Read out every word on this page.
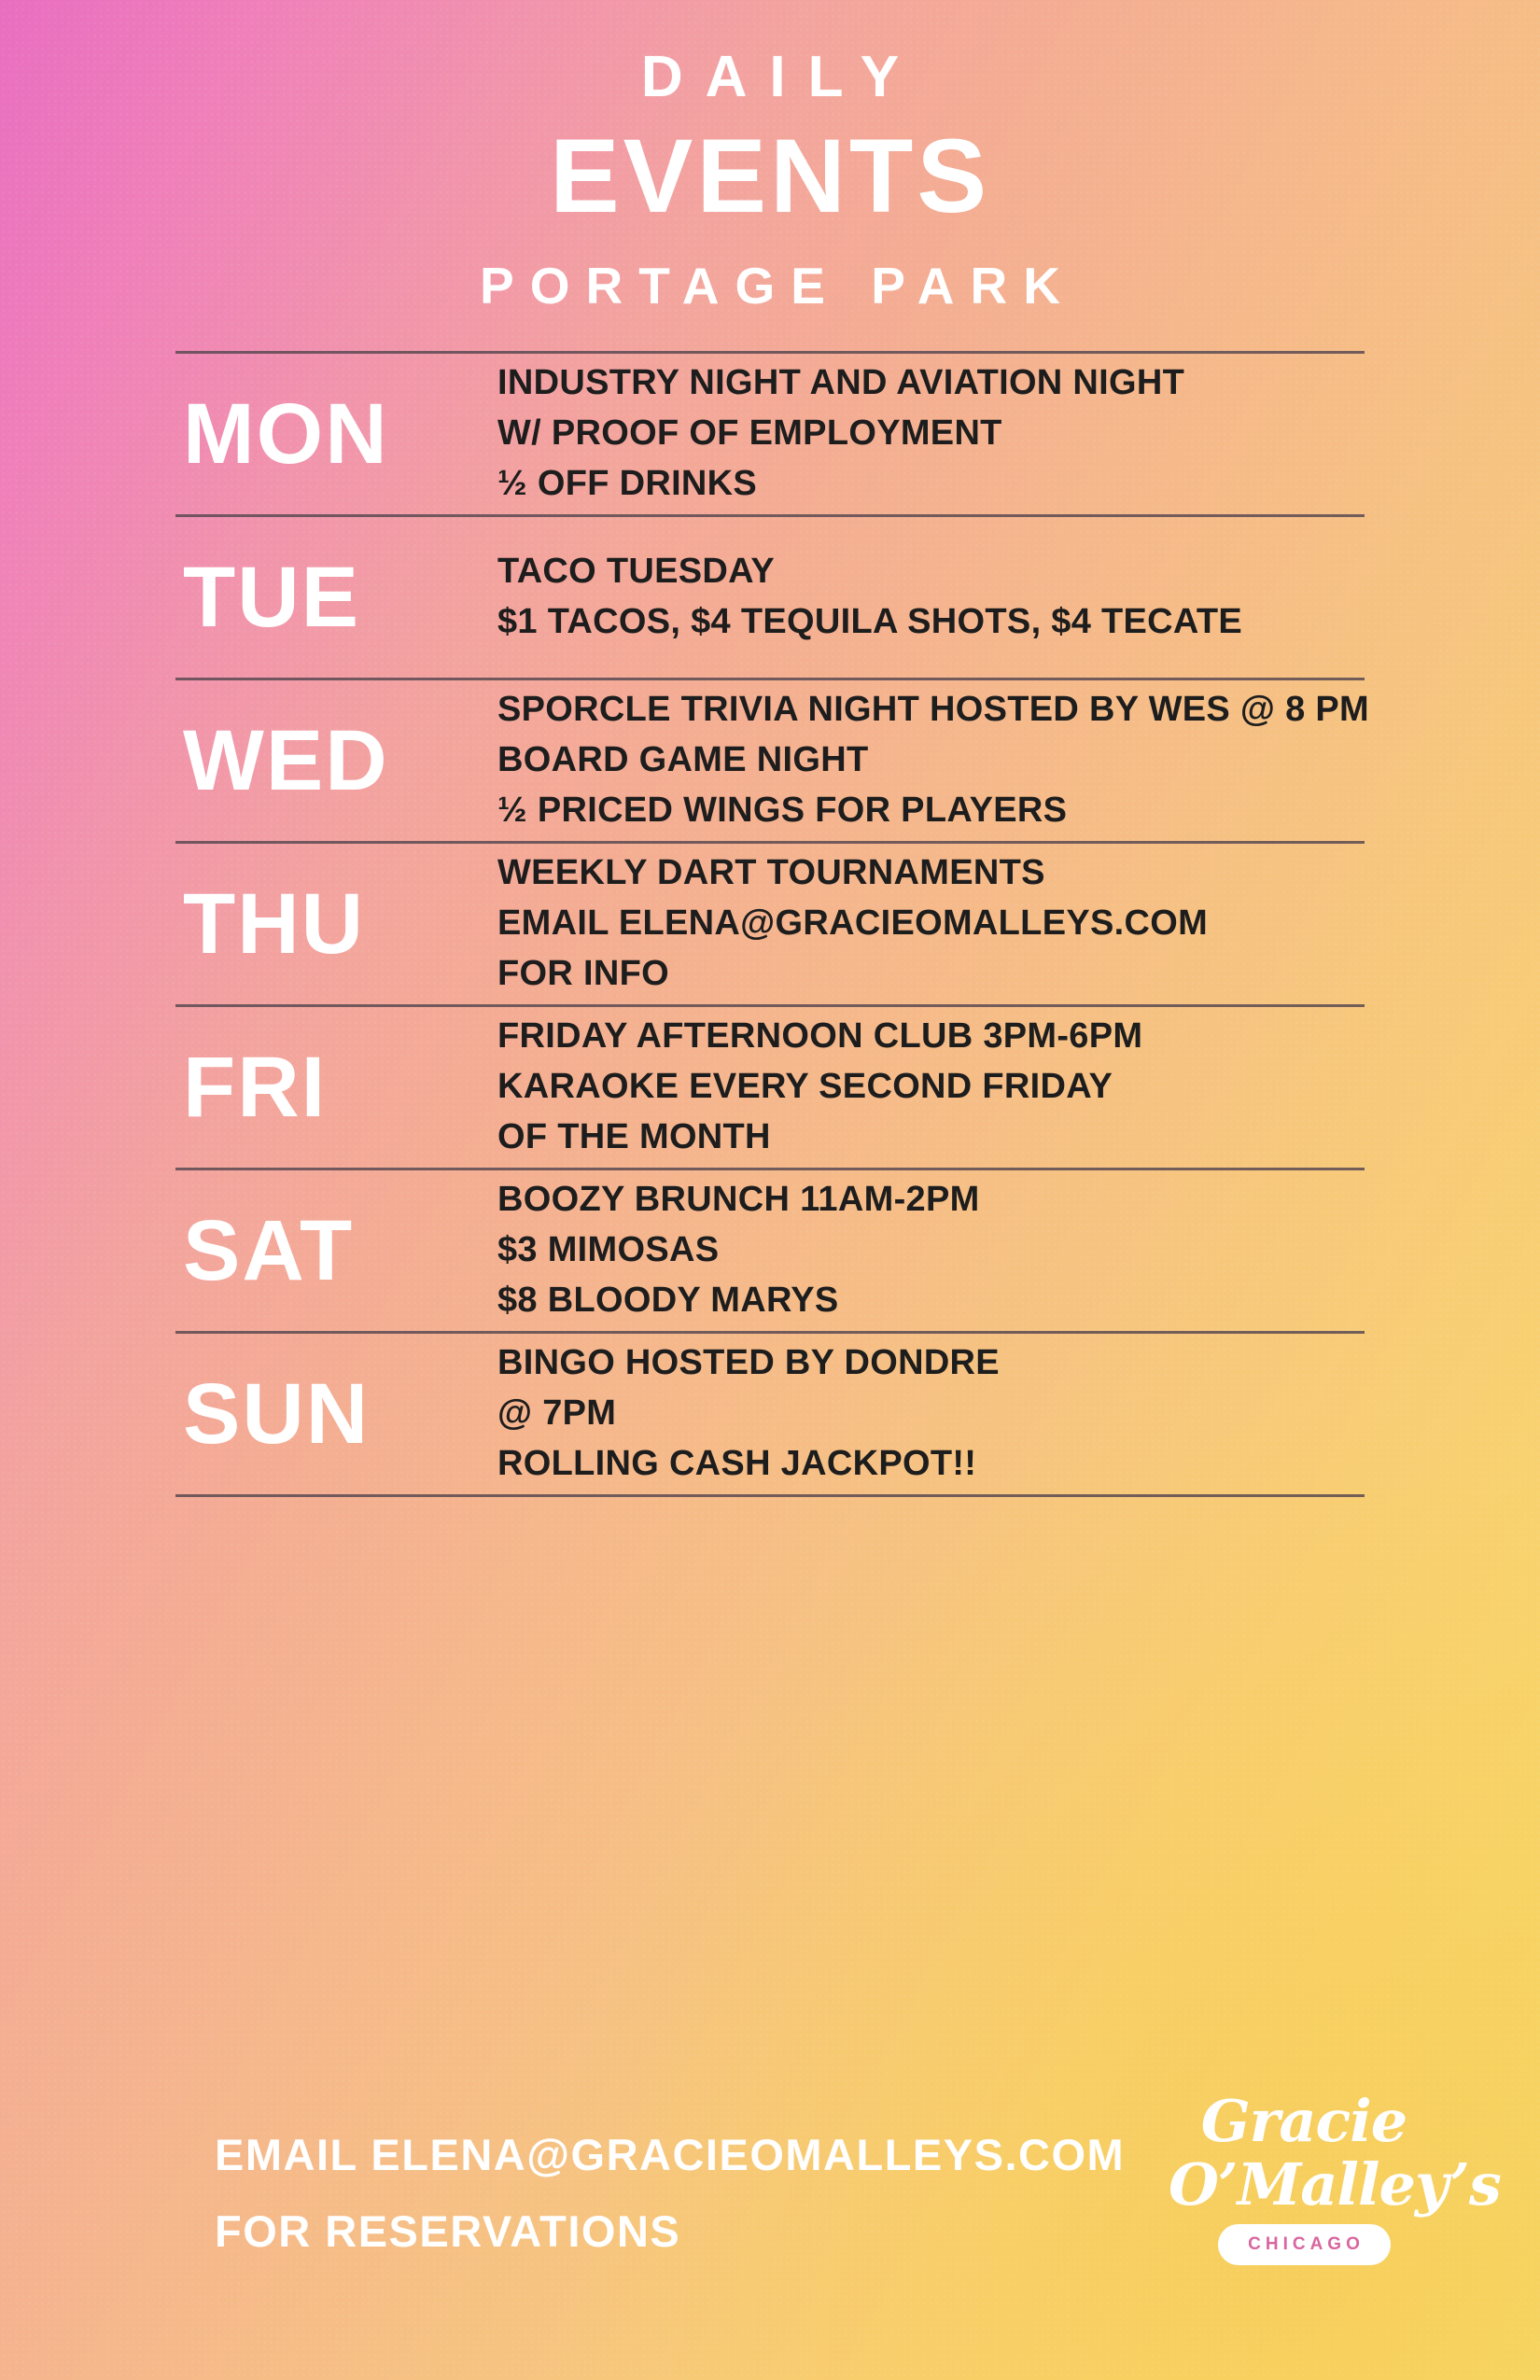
DAILY
EVENTS
PORTAGE PARK
MON
INDUSTRY NIGHT AND AVIATION NIGHT
W/ PROOF OF EMPLOYMENT
½ OFF DRINKS
TUE	TACO TUESDAY
$1 TACOS, $4 TEQUILA SHOTS, $4 TECATE
WED
SPORCLE TRIVIA NIGHT HOSTED BY WES @ 8 PM
BOARD GAME NIGHT
½ PRICED WINGS FOR PLAYERS
THU
WEEKLY DART TOURNAMENTS
EMAIL ELENA@GRACIEOMALLEYS.COM
FOR INFO
FRI
FRIDAY AFTERNOON CLUB 3PM-6PM
KARAOKE EVERY SECOND FRIDAY
OF THE MONTH
SAT
BOOZY BRUNCH 11AM-2PM
$3 MIMOSAS
$8 BLOODY MARYS
SUN
BINGO HOSTED BY DONDRE
@ 7PM
ROLLING CASH JACKPOT!!
EMAIL ELENA@GRACIEOMALLEYS.COM
FOR RESERVATIONS
Gracie
O’Malley’s
CHICAGO
